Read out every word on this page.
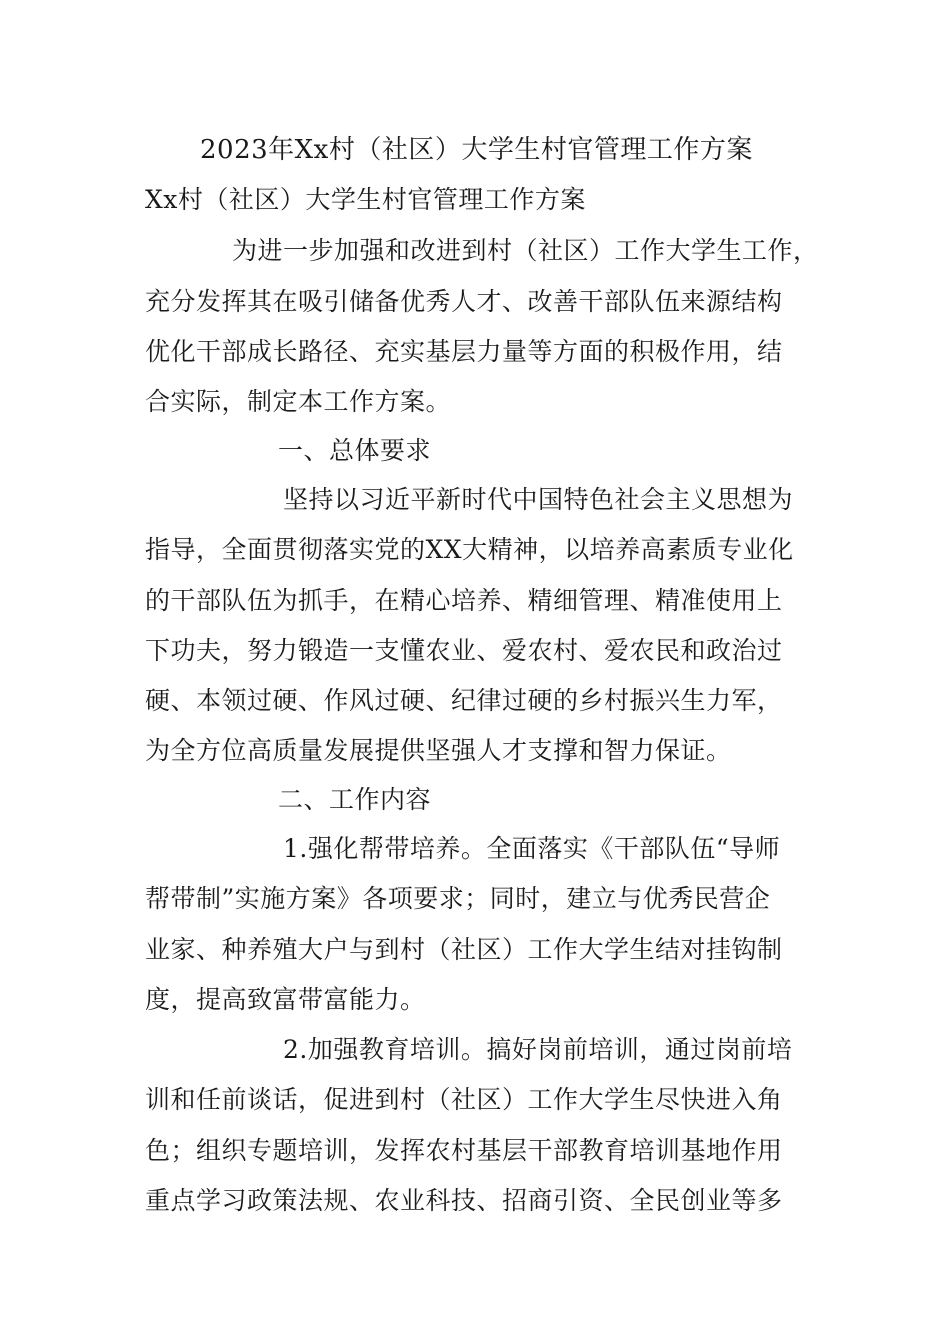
2023年Xx村（社区）大学生村官管理工作方案
Xx村（社区）大学生村官管理工作方案
为进一步加强和改进到村（社区）工作大学生工作，
充分发挥其在吸引储备优秀人才、改善干部队伍来源结构
优化干部成长路径、充实基层力量等方面的积极作用，结
合实际，制定本工作方案。
一、总体要求
坚持以习近平新时代中国特色社会主义思想为
指导，全面贯彻落实党的XX大精神，以培养高素质专业化
的干部队伍为抓手，在精心培养、精细管理、精准使用上
下功夫，努力锻造一支懂农业、爱农村、爱农民和政治过
硬、本领过硬、作风过硬、纪律过硬的乡村振兴生力军，
为全方位高质量发展提供坚强人才支撑和智力保证。
二、工作内容
1.强化帮带培养。全面落实《干部队伍“导师
帮带制”实施方案》各项要求；同时，建立与优秀民营企
业家、种养殖大户与到村（社区）工作大学生结对挂钩制
度，提高致富带富能力。
2.加强教育培训。搞好岗前培训，通过岗前培
训和任前谈话，促进到村（社区）工作大学生尽快进入角
色；组织专题培训，发挥农村基层干部教育培训基地作用
重点学习政策法规、农业科技、招商引资、全民创业等多
